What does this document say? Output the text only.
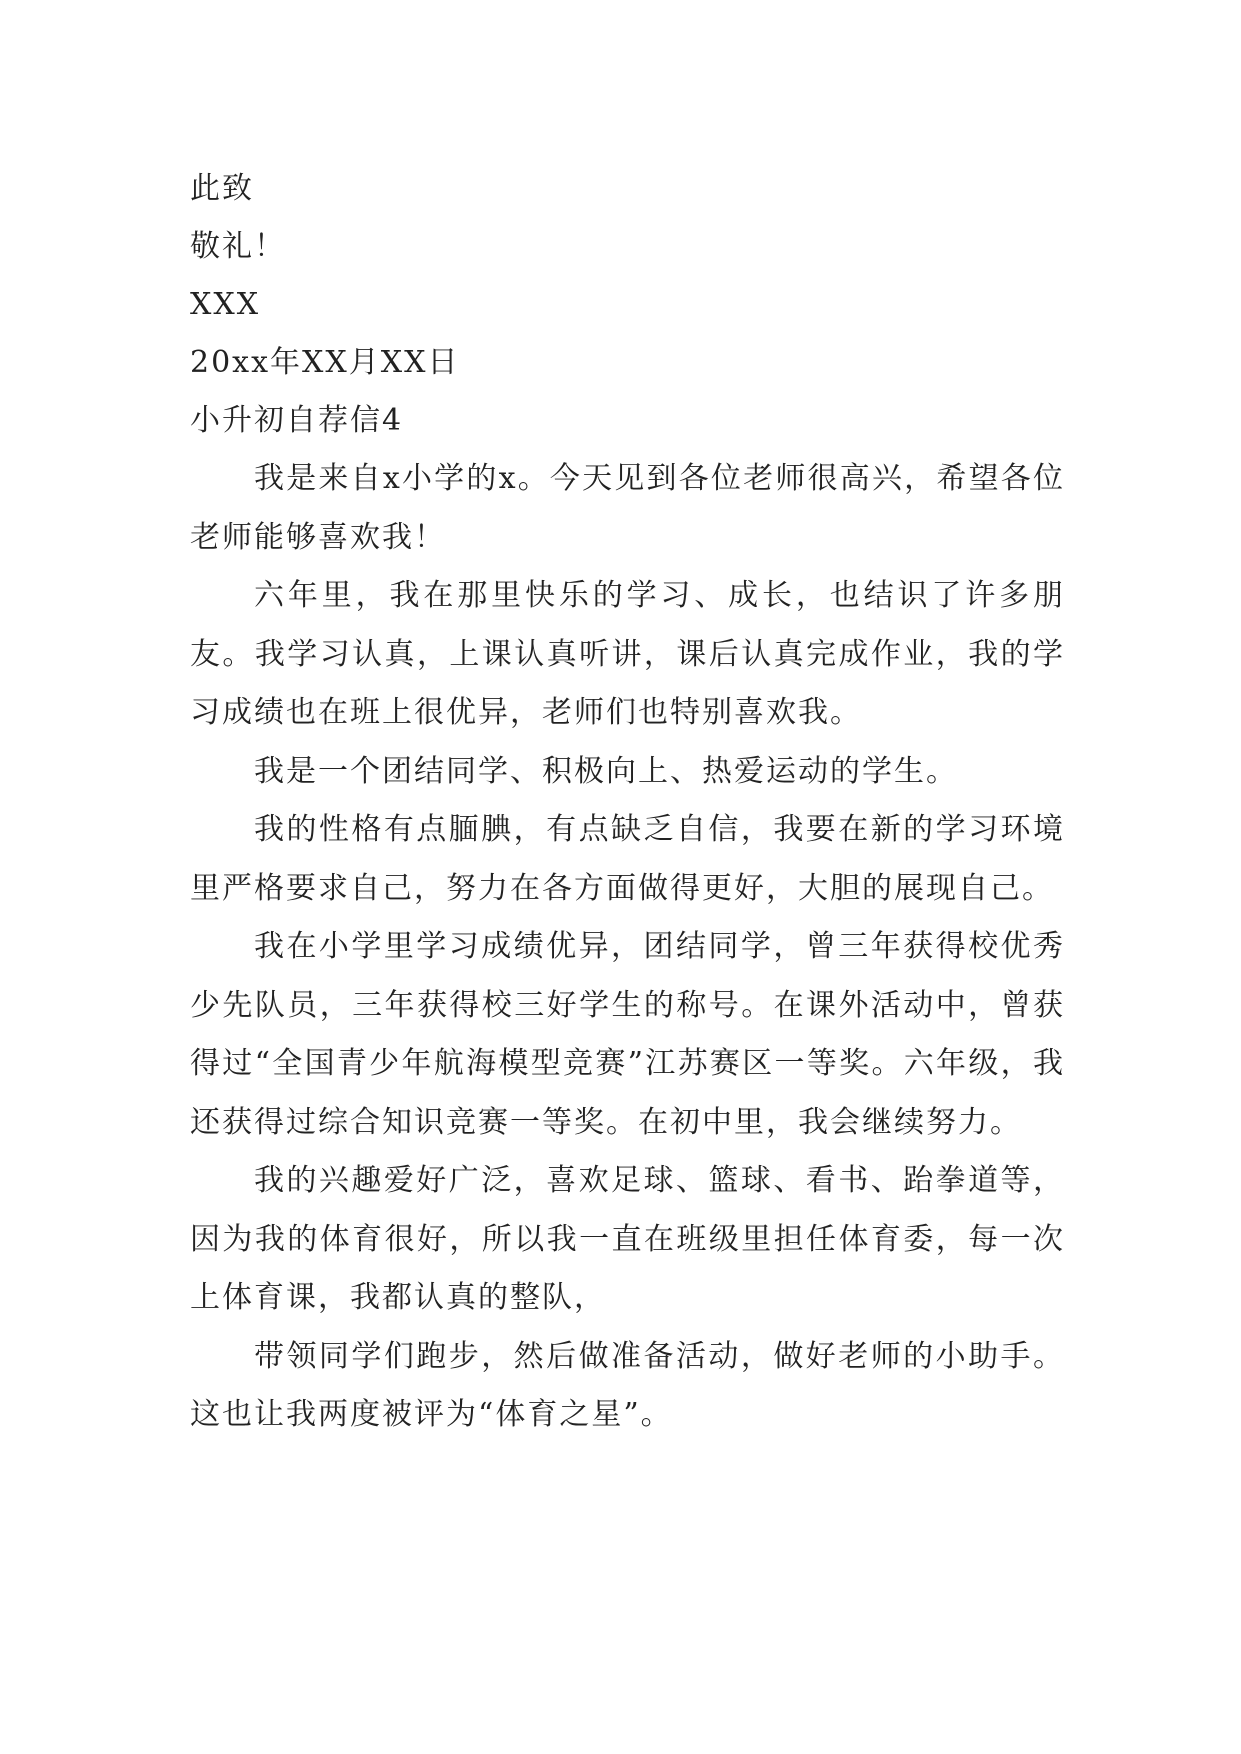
此致

敬礼！

XXX

20xx年XX月XX日

小升初自荐信4

我是来自x小学的x。今天见到各位老师很高兴，希望各位老师能够喜欢我！

六年里，我在那里快乐的学习、成长，也结识了许多朋友。我学习认真，上课认真听讲，课后认真完成作业，我的学习成绩也在班上很优异，老师们也特别喜欢我。

我是一个团结同学、积极向上、热爱运动的学生。

我的性格有点腼腆，有点缺乏自信，我要在新的学习环境里严格要求自己，努力在各方面做得更好，大胆的展现自己。

我在小学里学习成绩优异，团结同学，曾三年获得校优秀少先队员，三年获得校三好学生的称号。在课外活动中，曾获得过“全国青少年航海模型竞赛”江苏赛区一等奖。六年级，我还获得过综合知识竞赛一等奖。在初中里，我会继续努力。

我的兴趣爱好广泛，喜欢足球、篮球、看书、跆拳道等，因为我的体育很好，所以我一直在班级里担任体育委，每一次上体育课，我都认真的整队，

带领同学们跑步，然后做准备活动，做好老师的小助手。这也让我两度被评为“体育之星”。
